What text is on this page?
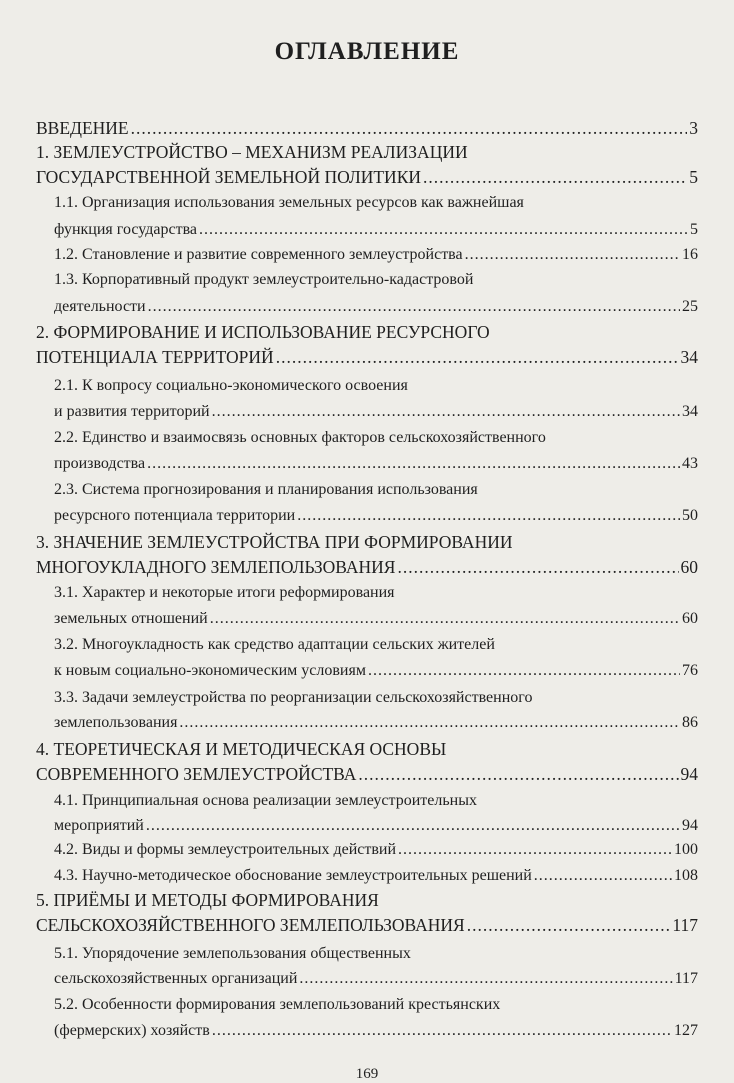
ОГЛАВЛЕНИЕ
ВВЕДЕНИЕ .....	3
1. ЗЕМЛЕУСТРОЙСТВО – МЕХАНИЗМ РЕАЛИЗАЦИИ
ГОСУДАРСТВЕННОЙ ЗЕМЕЛЬНОЙ ПОЛИТИКИ .....	5
1.1. Организация использования земельных ресурсов как важнейшая
функция государства .....	5
1.2. Становление и развитие современного землеустройства .....	16
1.3. Корпоративный продукт землеустроительно-кадастровой
деятельности .....	25
2. ФОРМИРОВАНИЕ И ИСПОЛЬЗОВАНИЕ РЕСУРСНОГО
ПОТЕНЦИАЛА ТЕРРИТОРИЙ .....	34
2.1. К вопросу социально-экономического освоения
и развития территорий .....	34
2.2. Единство и взаимосвязь основных факторов сельскохозяйственного
производства .....	43
2.3. Система прогнозирования и планирования использования
ресурсного потенциала территории .....	50
3. ЗНАЧЕНИЕ ЗЕМЛЕУСТРОЙСТВА ПРИ ФОРМИРОВАНИИ
МНОГОУКЛАДНОГО ЗЕМЛЕПОЛЬЗОВАНИЯ .....	60
3.1. Характер и некоторые итоги реформирования
земельных отношений .....	60
3.2. Многоукладность как средство адаптации сельских жителей
к новым социально-экономическим условиям .....	76
3.3. Задачи землеустройства по реорганизации сельскохозяйственного
землепользования .....	86
4. ТЕОРЕТИЧЕСКАЯ И МЕТОДИЧЕСКАЯ ОСНОВЫ
СОВРЕМЕННОГО ЗЕМЛЕУСТРОЙСТВА .....	94
4.1. Принципиальная основа реализации землеустроительных
мероприятий .....	94
4.2. Виды и формы землеустроительных действий .....	100
4.3. Научно-методическое обоснование землеустроительных решений .....	108
5. ПРИЁМЫ И МЕТОДЫ ФОРМИРОВАНИЯ
СЕЛЬСКОХОЗЯЙСТВЕННОГО ЗЕМЛЕПОЛЬЗОВАНИЯ .....	117
5.1. Упорядочение землепользования общественных
сельскохозяйственных организаций .....	117
5.2. Особенности формирования землепользований крестьянских
(фермерских) хозяйств .....	127
169
